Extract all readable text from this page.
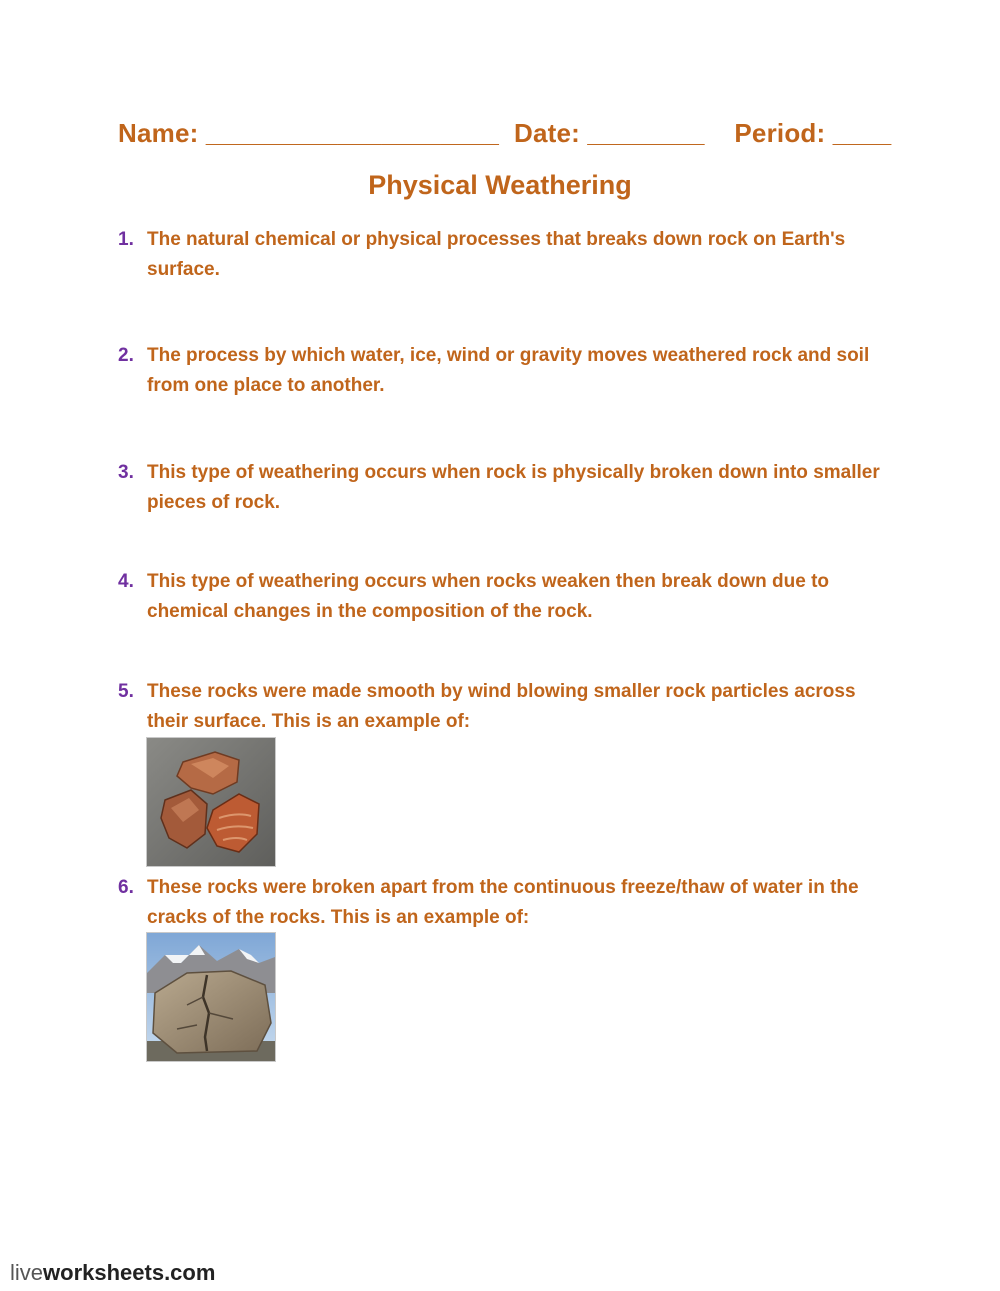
Name: ____________________ Date: ________ Period: ____
Physical Weathering
1. The natural chemical or physical processes that breaks down rock on Earth's surface.
2. The process by which water, ice, wind or gravity moves weathered rock and soil from one place to another.
3. This type of weathering occurs when rock is physically broken down into smaller pieces of rock.
4. This type of weathering occurs when rocks weaken then break down due to chemical changes in the composition of the rock.
5. These rocks were made smooth by wind blowing smaller rock particles across their surface. This is an example of:
6. These rocks were broken apart from the continuous freeze/thaw of water in the cracks of the rocks. This is an example of:
liveworksheets.com
